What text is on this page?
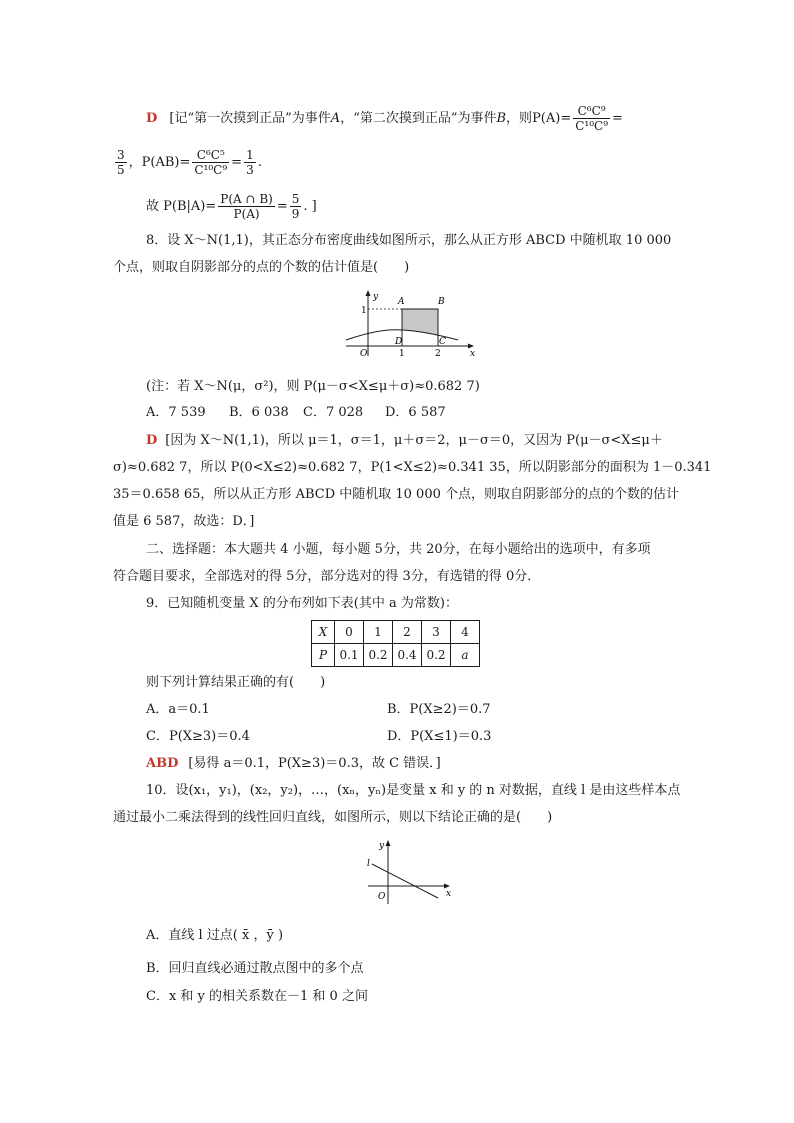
D [记“第一次摸到正品”为事件A，“第二次摸到正品”为事件B，则$P(A)= \frac{\text{C⁶C⁹}}{\text{C¹⁰C⁹}}$ =
$\frac{3}{5}$ ，$P(AB)= \frac{\text{C⁶C⁵}}{\text{C¹⁰C⁹}} = \frac{1}{3}$ .
故 $P(B|A)= \frac{P(A \cap B)}{P(A)} = \frac{5}{9}$ . ]
8．设 X～N(1,1)，其正态分布密度曲线如图所示，那么从正方形 ABCD 中随机取 10 000
个点，则取自阴影部分的点的个数的估计值是(　　)
y
x
A	B
C
D
O	1	2
1
(注：若 X～N(μ，σ²)，则 P(μ－σ<X≤μ＋σ)≈0.682 7)
A．7 539 B．6 038 C．7 028 D．6 587
D [因为 X～N(1,1)，所以 μ＝1，σ＝1，μ＋σ＝2，μ－σ＝0，又因为 P(μ－σ<X≤μ＋
σ)≈0.682 7，所以 P(0<X≤2)≈0.682 7，P(1<X≤2)≈0.341 35，所以阴影部分的面积为 1－0.341
35＝0.658 65，所以从正方形 ABCD 中随机取 10 000 个点，则取自阴影部分的点的个数的估计
值是 6 587，故选：D．]
二、选择题：本大题共 4 小题，每小题 5分，共 20分，在每小题给出的选项中，有多项
符合题目要求，全部选对的得 5分，部分选对的得 3分，有选错的得 0分．
9．已知随机变量 X 的分布列如下表(其中 a 为常数)：
X	0	1	2	3	4
P	0.1	0.2	0.4	0.2	a
则下列计算结果正确的有(　　)
A．a＝0.1	B．P(X≥2)＝0.7
C．P(X≥3)＝0.4	D．P(X≤1)＝0.3
ABD [易得 a＝0.1，P(X≥3)＝0.3，故 C 错误．]
10．设(x₁，y₁)，(x₂，y₂)，…，(xₙ，yₙ)是变量 x 和 y 的 n 对数据，直线 l 是由这些样本点
通过最小二乘法得到的线性回归直线，如图所示，则以下结论正确的是(　　)
y
x
l
O
A．直线 l 过点( x̄ ，ȳ )
B．回归直线必通过散点图中的多个点
C．x 和 y 的相关系数在－1 和 0 之间
